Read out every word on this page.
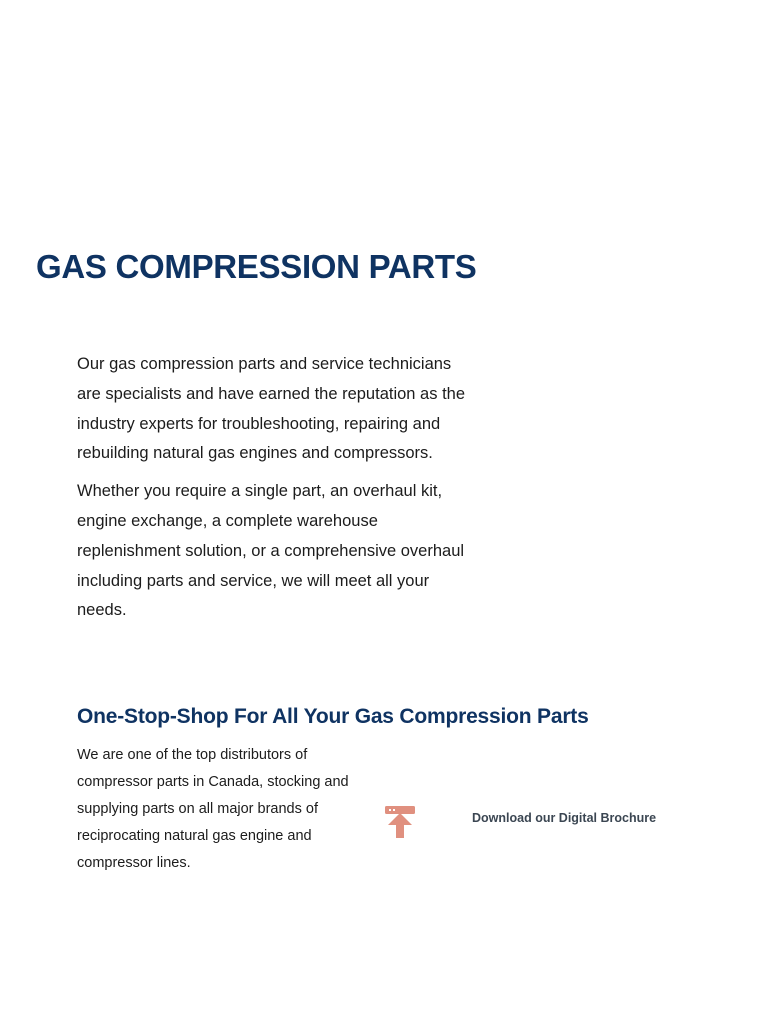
GAS COMPRESSION PARTS

Our gas compression parts and service technicians are specialists and have earned the reputation as the industry experts for troubleshooting, repairing and rebuilding natural gas engines and compressors.

Whether you require a single part, an overhaul kit, engine exchange, a complete warehouse replenishment solution, or a comprehensive overhaul including parts and service, we will meet all your needs.

One-Stop-Shop For All Your Gas Compression Parts

We are one of the top distributors of compressor parts in Canada, stocking and supplying parts on all major brands of reciprocating natural gas engine and compressor lines.

Download our Digital Brochure
